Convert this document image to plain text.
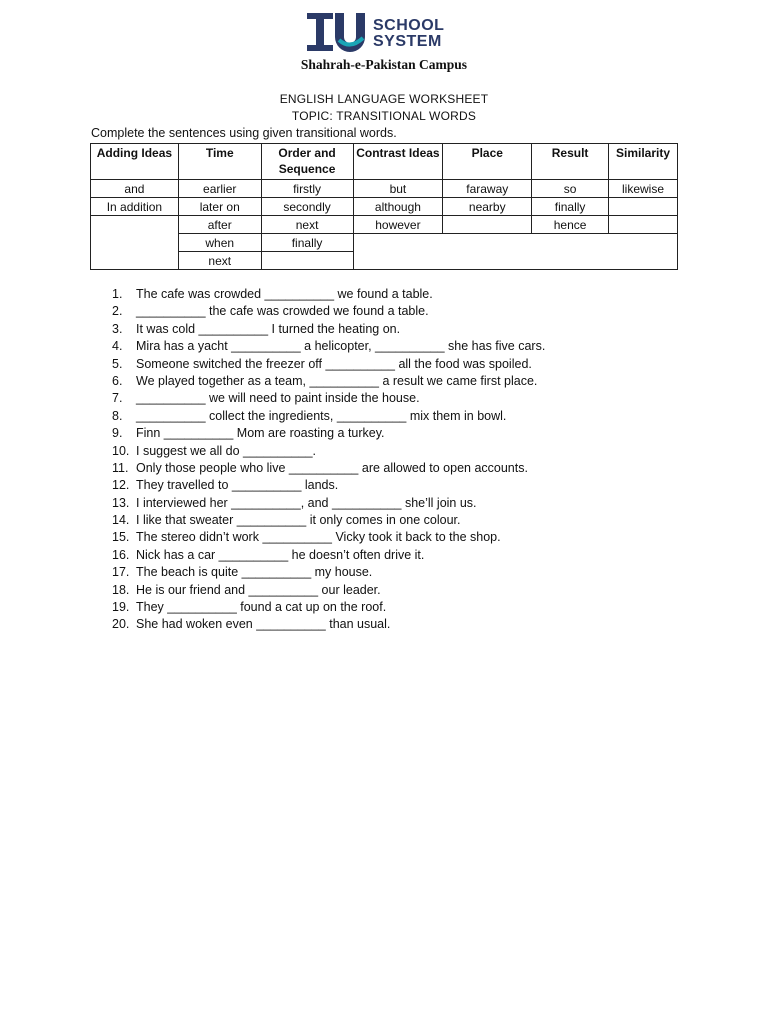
SCHOOL
SYSTEM
Shahrah-e-Pakistan Campus
ENGLISH LANGUAGE WORKSHEET
TOPIC: TRANSITIONAL WORDS
Complete the sentences using given transitional words.
Adding Ideas	Time	Order and Sequence	Contrast Ideas	Place	Result	Similarity
and	earlier	firstly	but	faraway	so	likewise
In addition	later on	secondly	although	nearby	finally	
	after	next	however		hence	
	when	finally				
	next					
1. The cafe was crowded __________ we found a table.
2. __________ the cafe was crowded we found a table.
3. It was cold __________ I turned the heating on.
4. Mira has a yacht __________ a helicopter, __________ she has five cars.
5. Someone switched the freezer off __________ all the food was spoiled.
6. We played together as a team, __________ a result we came first place.
7. __________ we will need to paint inside the house.
8. __________ collect the ingredients, __________ mix them in bowl.
9. Finn __________ Mom are roasting a turkey.
10. I suggest we all do __________.
11. Only those people who live __________ are allowed to open accounts.
12. They travelled to __________ lands.
13. I interviewed her __________, and __________ she’ll join us.
14. I like that sweater __________ it only comes in one colour.
15. The stereo didn’t work __________ Vicky took it back to the shop.
16. Nick has a car __________ he doesn’t often drive it.
17. The beach is quite __________ my house.
18. He is our friend and __________ our leader.
19. They __________ found a cat up on the roof.
20. She had woken even __________ than usual.
